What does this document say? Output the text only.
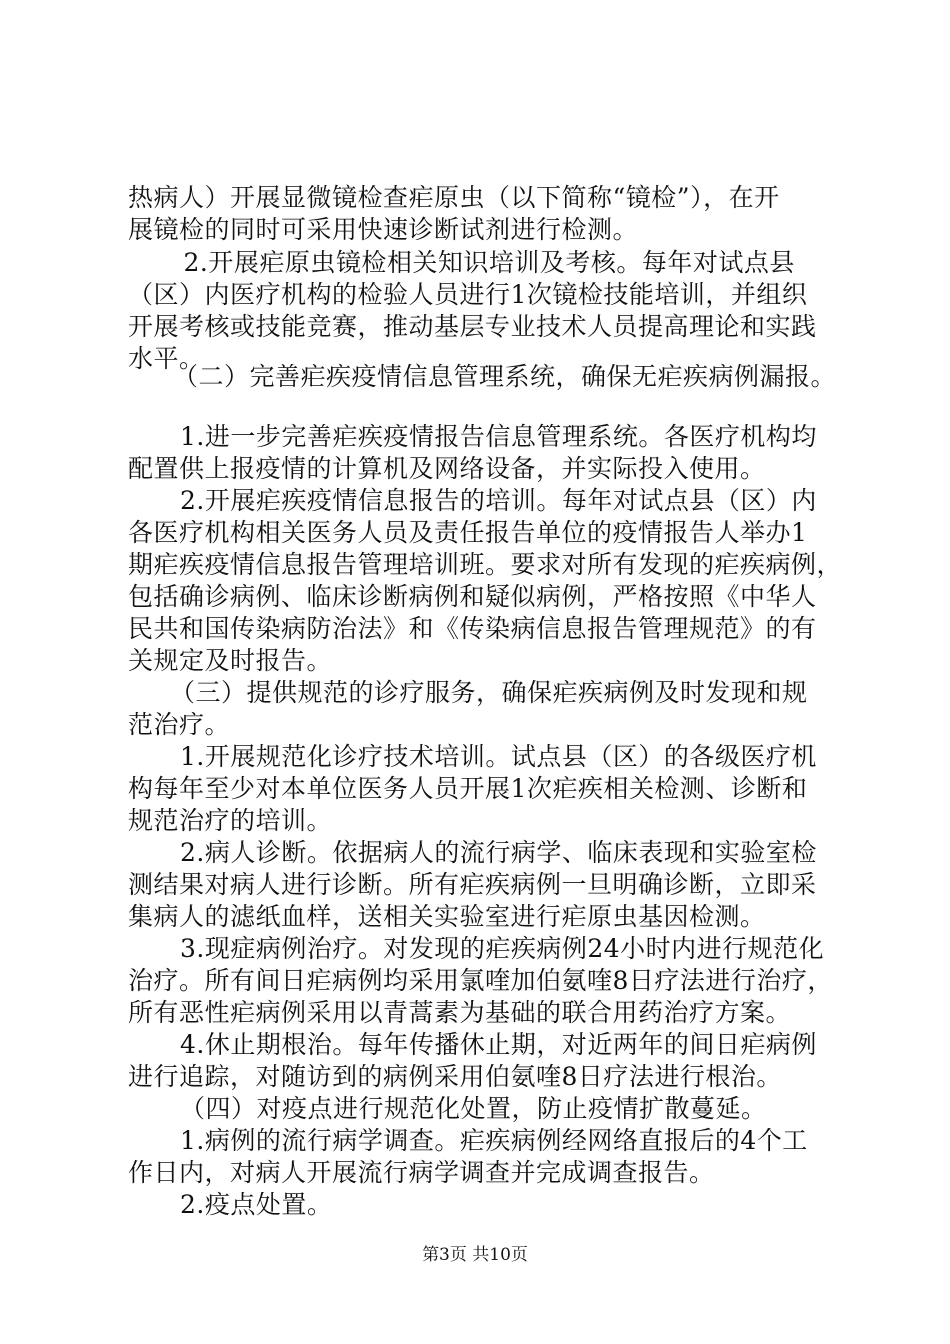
热病人）开展显微镜检查疟原虫（以下简称“镜检”），在开
展镜检的同时可采用快速诊断试剂进行检测。
　2.开展疟原虫镜检相关知识培训及考核。每年对试点县
（区）内医疗机构的检验人员进行1次镜检技能培训，并组织
开展考核或技能竞赛，推动基层专业技术人员提高理论和实践
水平。
　（二）完善疟疾疫情信息管理系统，确保无疟疾病例漏报。
1.进一步完善疟疾疫情报告信息管理系统。各医疗机构均
配置供上报疫情的计算机及网络设备，并实际投入使用。
2.开展疟疾疫情信息报告的培训。每年对试点县（区）内
各医疗机构相关医务人员及责任报告单位的疫情报告人举办1
期疟疾疫情信息报告管理培训班。要求对所有发现的疟疾病例，
包括确诊病例、临床诊断病例和疑似病例，严格按照《中华人
民共和国传染病防治法》和《传染病信息报告管理规范》的有
关规定及时报告。
（三）提供规范的诊疗服务，确保疟疾病例及时发现和规
范治疗。
1.开展规范化诊疗技术培训。试点县（区）的各级医疗机
构每年至少对本单位医务人员开展1次疟疾相关检测、诊断和
规范治疗的培训。
2.病人诊断。依据病人的流行病学、临床表现和实验室检
测结果对病人进行诊断。所有疟疾病例一旦明确诊断，立即采
集病人的滤纸血样，送相关实验室进行疟原虫基因检测。
3.现症病例治疗。对发现的疟疾病例24小时内进行规范化
治疗。所有间日疟病例均采用氯喹加伯氨喹8日疗法进行治疗，
所有恶性疟病例采用以青蒿素为基础的联合用药治疗方案。
4.休止期根治。每年传播休止期，对近两年的间日疟病例
进行追踪，对随访到的病例采用伯氨喹8日疗法进行根治。
（四）对疫点进行规范化处置，防止疫情扩散蔓延。
1.病例的流行病学调查。疟疾病例经网络直报后的4个工
作日内，对病人开展流行病学调查并完成调查报告。
2.疫点处置。
第3页 共10页
